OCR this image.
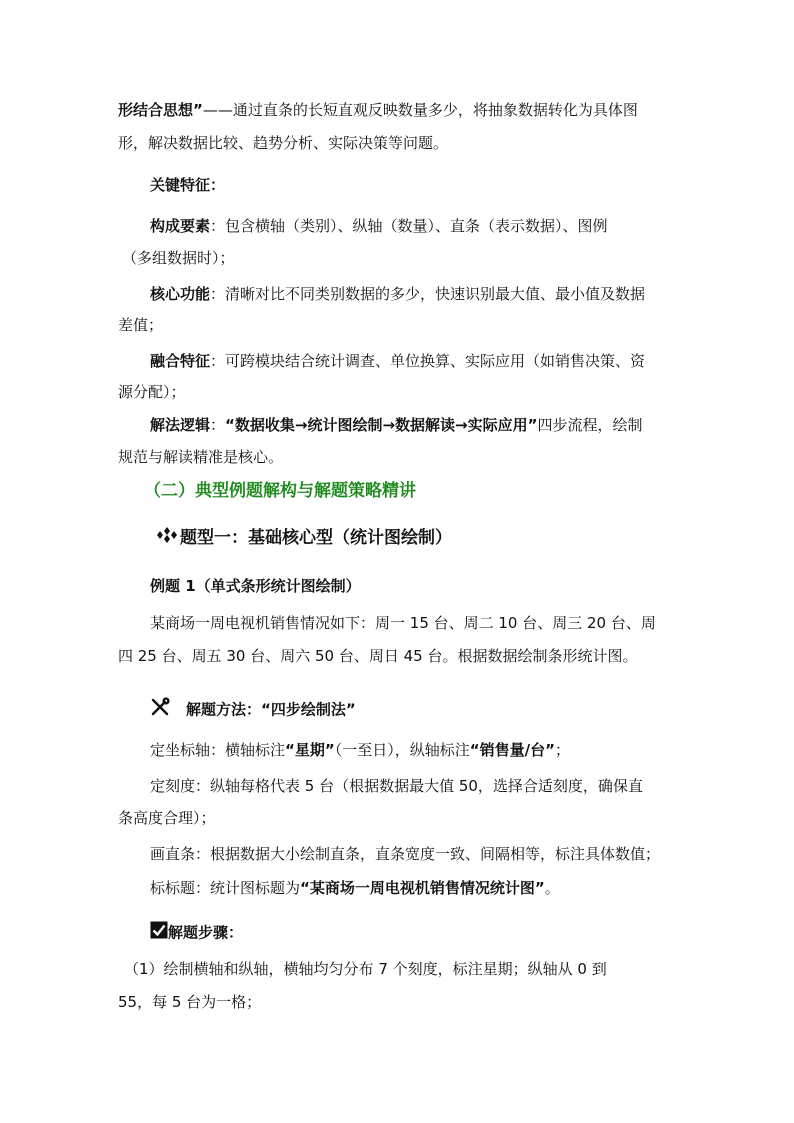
形结合思想”——通过直条的长短直观反映数量多少，将抽象数据转化为具体图
形，解决数据比较、趋势分析、实际决策等问题。
关键特征：
构成要素：包含横轴（类别）、纵轴（数量）、直条（表示数据）、图例
（多组数据时）；
核心功能：清晰对比不同类别数据的多少，快速识别最大值、最小值及数据
差值；
融合特征：可跨模块结合统计调查、单位换算、实际应用（如销售决策、资
源分配）；
解法逻辑：“数据收集→统计图绘制→数据解读→实际应用”四步流程，绘制
规范与解读精准是核心。
（二）典型例题解构与解题策略精讲
题型一：基础核心型（统计图绘制）
例题 1（单式条形统计图绘制）
某商场一周电视机销售情况如下：周一 15 台、周二 10 台、周三 20 台、周
四 25 台、周五 30 台、周六 50 台、周日 45 台。根据数据绘制条形统计图。
解题方法：“四步绘制法”
定坐标轴：横轴标注“星期”（一至日），纵轴标注“销售量/台”；
定刻度：纵轴每格代表 5 台（根据数据最大值 50，选择合适刻度，确保直
条高度合理）；
画直条：根据数据大小绘制直条，直条宽度一致、间隔相等，标注具体数值；
标标题：统计图标题为“某商场一周电视机销售情况统计图”。
解题步骤：
（1）绘制横轴和纵轴，横轴均匀分布 7 个刻度，标注星期；纵轴从 0 到
55，每 5 台为一格；
